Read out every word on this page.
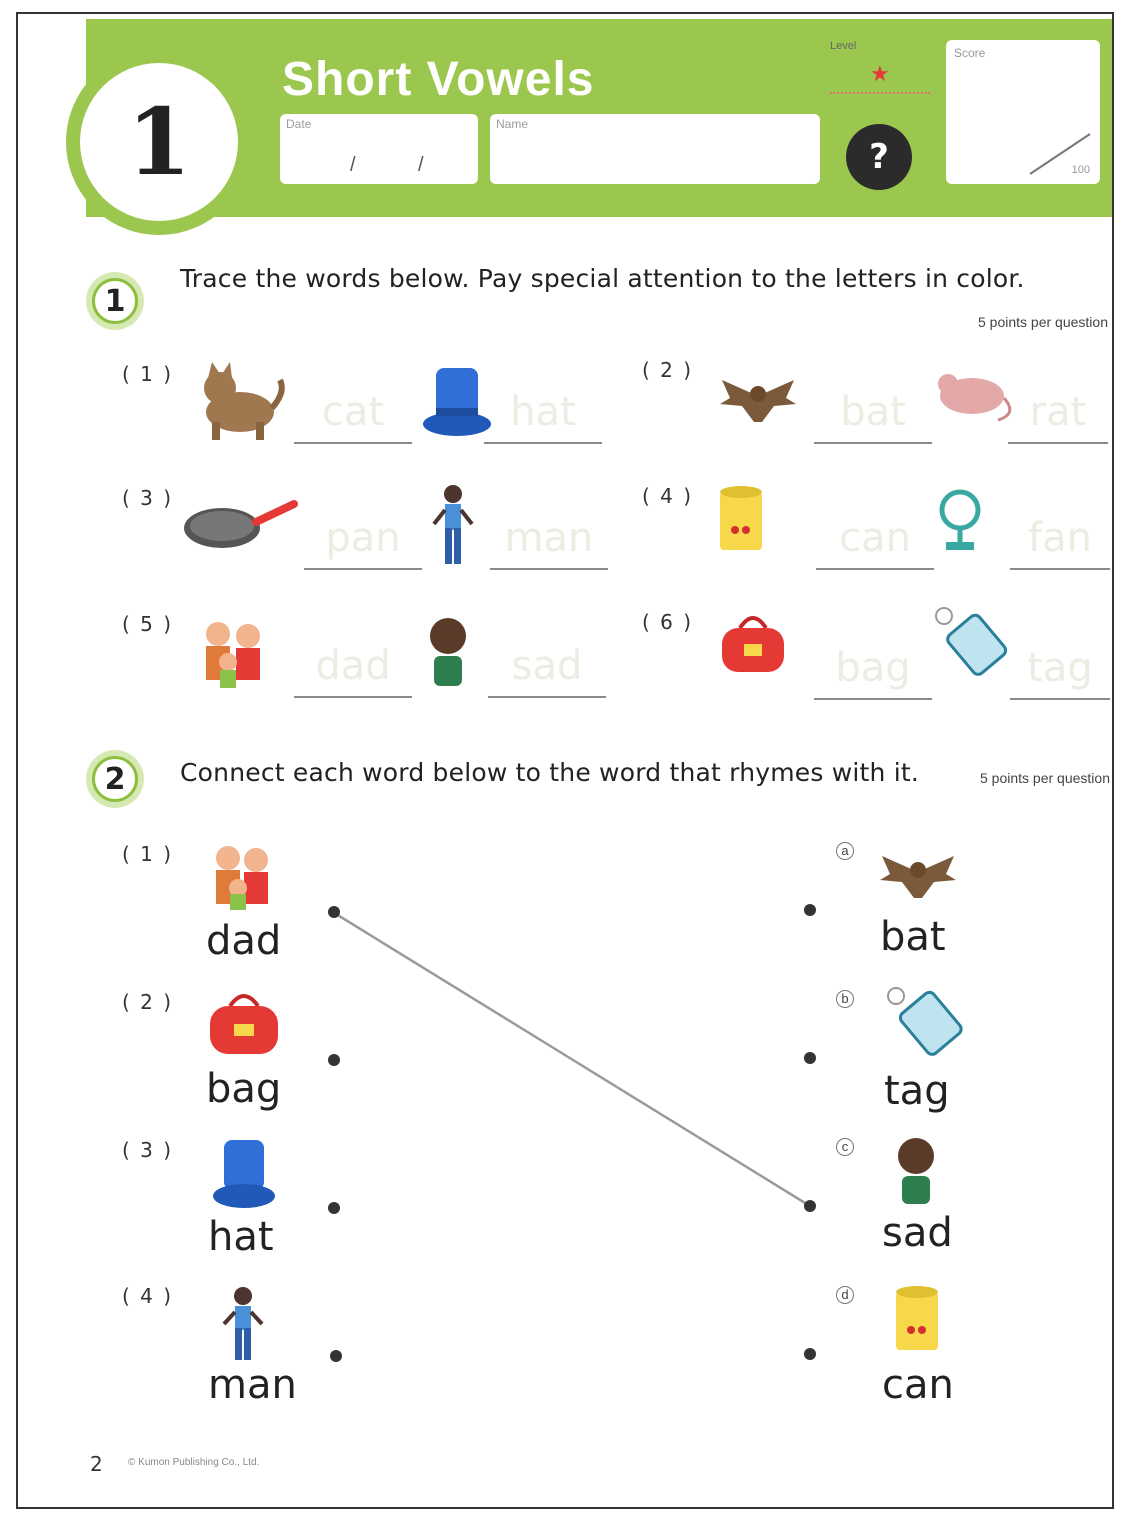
1
Short Vowels
Date
/	/
Name
Level
★
?
Score
100
1
Trace the words below. Pay special attention to the letters in color.
5 points per question
( 1 )
cat	hat
( 2 )
bat	rat
( 3 )
pan	man
( 4 )
can	fan
( 5 )
dad	sad
( 6 )
bag	tag
2	Connect each word below to the word that rhymes with it.	5 points per question
( 1 )
dad
( 2 )
bag
( 3 )
hat
( 4 )
man
a
bat
b
tag
c
sad
d
can
2	© Kumon Publishing Co., Ltd.
